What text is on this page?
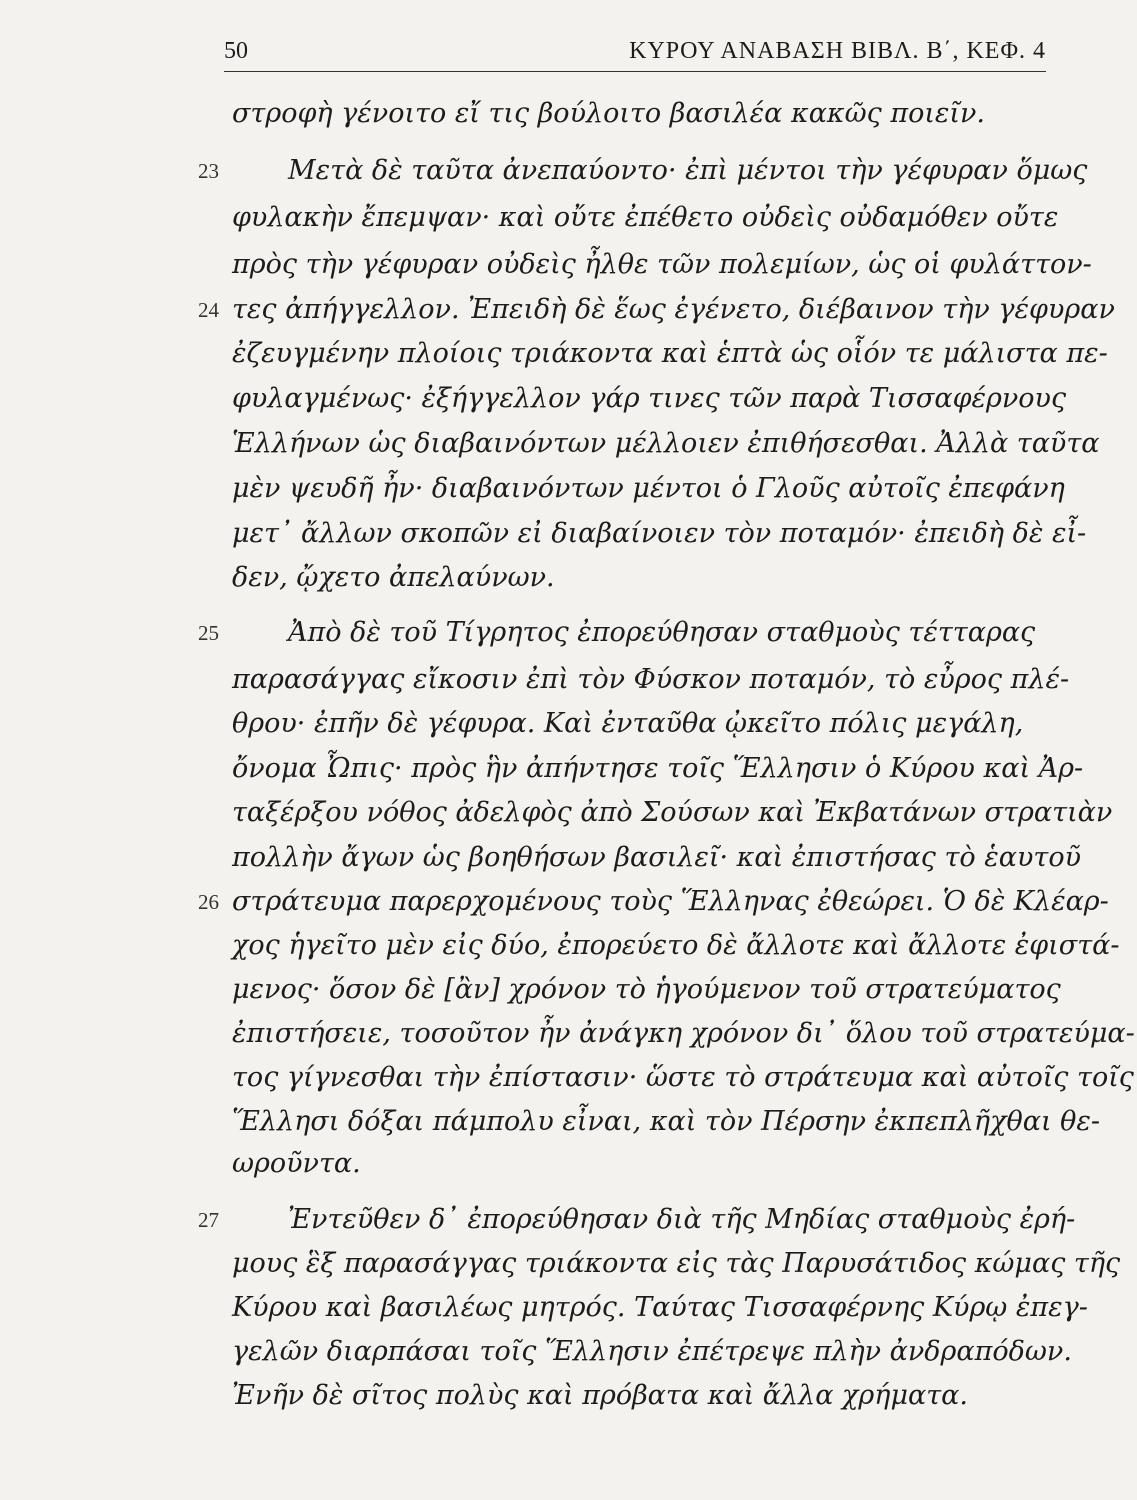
50	ΚΥΡΟΥ ΑΝΑΒΑΣΗ ΒΙΒΛ. Β΄, ΚΕΦ. 4
στροφὴ γένοιτο εἴ τις βούλοιτο βασιλέα κακῶς ποιεῖν.
23	Μετὰ δὲ ταῦτα ἀνεπαύοντο· ἐπὶ μέντοι τὴν γέφυραν ὅμως
φυλακὴν ἔπεμψαν· καὶ οὔτε ἐπέθετο οὐδεὶς οὐδαμόθεν οὔτε
πρὸς τὴν γέφυραν οὐδεὶς ἦλθε τῶν πολεμίων, ὡς οἱ φυλάττον-
24 τες ἀπήγγελλον. Ἐπειδὴ δὲ ἕως ἐγένετο, διέβαινον τὴν γέφυραν
ἐζευγμένην πλοίοις τριάκοντα καὶ ἑπτὰ ὡς οἷόν τε μάλιστα πε-
φυλαγμένως· ἐξήγγελλον γάρ τινες τῶν παρὰ Τισσαφέρνους
Ἑλλήνων ὡς διαβαινόντων μέλλοιεν ἐπιθήσεσθαι. Ἀλλὰ ταῦτα
μὲν ψευδῆ ἦν· διαβαινόντων μέντοι ὁ Γλοῦς αὐτοῖς ἐπεφάνη
μετ᾽ ἄλλων σκοπῶν εἰ διαβαίνοιεν τὸν ποταμόν· ἐπειδὴ δὲ εἶ-
δεν, ᾤχετο ἀπελαύνων.
25	Ἀπὸ δὲ τοῦ Τίγρητος ἐπορεύθησαν σταθμοὺς τέτταρας
παρασάγγας εἴκοσιν ἐπὶ τὸν Φύσκον ποταμόν, τὸ εὖρος πλέ-
θρου· ἐπῆν δὲ γέφυρα. Καὶ ἐνταῦθα ᾠκεῖτο πόλις μεγάλη,
ὄνομα Ὦπις· πρὸς ἣν ἀπήντησε τοῖς Ἕλλησιν ὁ Κύρου καὶ Ἀρ-
ταξέρξου νόθος ἀδελφὸς ἀπὸ Σούσων καὶ Ἐκβατάνων στρατιὰν
πολλὴν ἄγων ὡς βοηθήσων βασιλεῖ· καὶ ἐπιστήσας τὸ ἑαυτοῦ
26 στράτευμα παρερχομένους τοὺς Ἕλληνας ἐθεώρει. Ὁ δὲ Κλέαρ-
χος ἡγεῖτο μὲν εἰς δύο, ἐπορεύετο δὲ ἄλλοτε καὶ ἄλλοτε ἐφιστά-
μενος· ὅσον δὲ [ἂν] χρόνον τὸ ἡγούμενον τοῦ στρατεύματος
ἐπιστήσειε, τοσοῦτον ἦν ἀνάγκη χρόνον δι᾽ ὅλου τοῦ στρατεύμα-
τος γίγνεσθαι τὴν ἐπίστασιν· ὥστε τὸ στράτευμα καὶ αὐτοῖς τοῖς
Ἕλλησι δόξαι πάμπολυ εἶναι, καὶ τὸν Πέρσην ἐκπεπλῆχθαι θε-
ωροῦντα.
27	Ἐντεῦθεν δ᾽ ἐπορεύθησαν διὰ τῆς Μηδίας σταθμοὺς ἐρή-
μους ἓξ παρασάγγας τριάκοντα εἰς τὰς Παρυσάτιδος κώμας τῆς
Κύρου καὶ βασιλέως μητρός. Ταύτας Τισσαφέρνης Κύρῳ ἐπεγ-
γελῶν διαρπάσαι τοῖς Ἕλλησιν ἐπέτρεψε πλὴν ἀνδραπόδων.
Ἐνῆν δὲ σῖτος πολὺς καὶ πρόβατα καὶ ἄλλα χρήματα.
